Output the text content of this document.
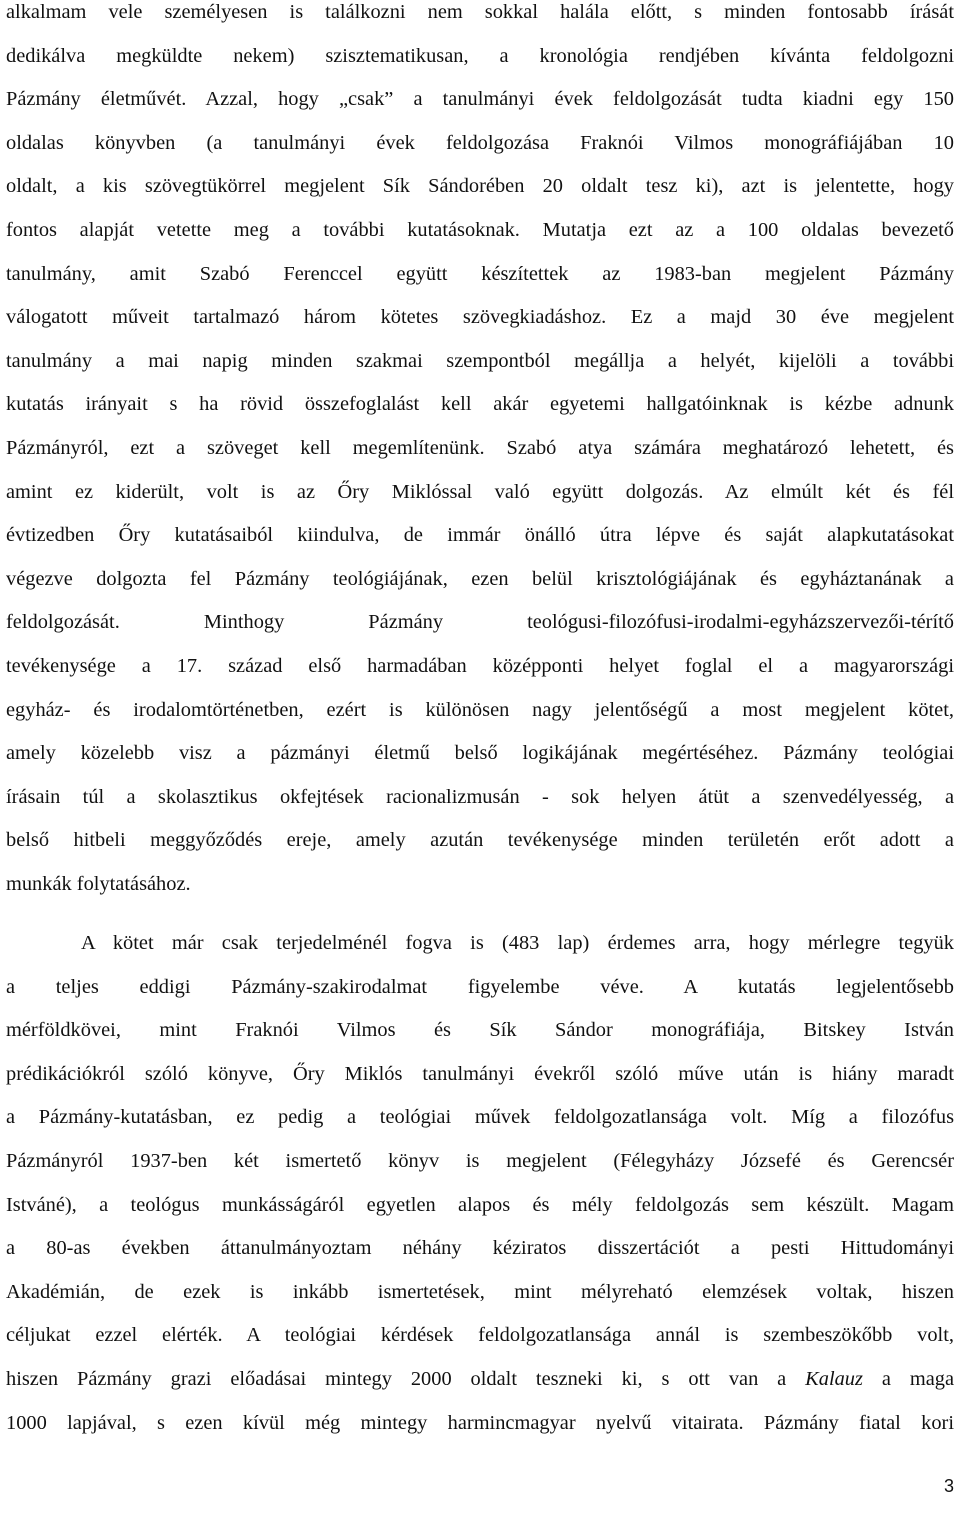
alkalmam vele személyesen is találkozni nem sokkal halála előtt, s minden fontosabb írását
dedikálva megküldte nekem) szisztematikusan, a kronológia rendjében kívánta feldolgozni
Pázmány életművét. Azzal, hogy „csak” a tanulmányi évek feldolgozását tudta kiadni egy 150
oldalas könyvben (a tanulmányi évek feldolgozása Fraknói Vilmos monográfiájában 10
oldalt, a kis szövegtükörrel megjelent Sík Sándorében 20 oldalt tesz ki), azt is jelentette, hogy
fontos alapját vetette meg a további kutatásoknak. Mutatja ezt az a 100 oldalas bevezető
tanulmány, amit Szabó Ferenccel együtt készítettek az 1983-ban megjelent Pázmány
válogatott műveit tartalmazó három kötetes szövegkiadáshoz. Ez a majd 30 éve megjelent
tanulmány a mai napig minden szakmai szempontból megállja a helyét, kijelöli a további
kutatás irányait s ha rövid összefoglalást kell akár egyetemi hallgatóinknak is kézbe adnunk
Pázmányról, ezt a szöveget kell megemlítenünk. Szabó atya számára meghatározó lehetett, és
amint ez kiderült, volt is az Őry Miklóssal való együtt dolgozás. Az elmúlt két és fél
évtizedben Őry kutatásaiból kiindulva, de immár önálló útra lépve és saját alapkutatásokat
végezve dolgozta fel Pázmány teológiájának, ezen belül krisztológiájának és egyháztanának a
feldolgozását. Minthogy Pázmány teológusi-filozófusi-irodalmi-egyházszervezői-térítő
tevékenysége a 17. század első harmadában középponti helyet foglal el a magyarországi
egyház- és irodalomtörténetben, ezért is különösen nagy jelentőségű a most megjelent kötet,
amely közelebb visz a pázmányi életmű belső logikájának megértéséhez. Pázmány teológiai
írásain túl a skolasztikus okfejtések racionalizmusán - sok helyen átüt a szenvedélyesség, a
belső hitbeli meggyőződés ereje, amely azután tevékenysége minden területén erőt adott a
munkák folytatásához.
A kötet már csak terjedelménél fogva is (483 lap) érdemes arra, hogy mérlegre tegyük
a teljes eddigi Pázmány-szakirodalmat figyelembe véve. A kutatás legjelentősebb
mérföldkövei, mint Fraknói Vilmos és Sík Sándor monográfiája, Bitskey István
prédikációkról szóló könyve, Őry Miklós tanulmányi évekről szóló műve után is hiány maradt
a Pázmány-kutatásban, ez pedig a teológiai művek feldolgozatlansága volt. Míg a filozófus
Pázmányról 1937-ben két ismertető könyv is megjelent (Félegyházy Józsefé és Gerencsér
Istváné), a teológus munkásságáról egyetlen alapos és mély feldolgozás sem készült. Magam
a 80-as években áttanulmányoztam néhány kéziratos disszertációt a pesti Hittudományi
Akadémián, de ezek is inkább ismertetések, mint mélyreható elemzések voltak, hiszen
céljukat ezzel elérték. A teológiai kérdések feldolgozatlansága annál is szembeszökőbb volt,
hiszen Pázmány grazi előadásai mintegy 2000 oldalt teszneki ki, s ott van a Kalauz a maga
1000 lapjával, s ezen kívül még mintegy harmincmagyar nyelvű vitairata. Pázmány fiatal kori
3
